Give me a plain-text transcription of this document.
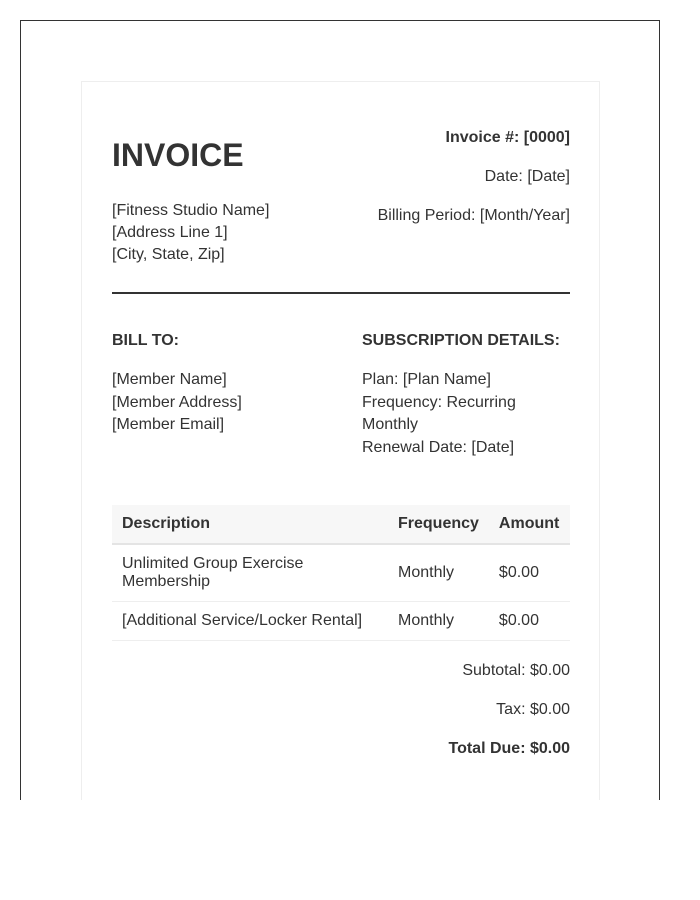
INVOICE
[Fitness Studio Name]
[Address Line 1]
[City, State, Zip]
Invoice #: [0000]
Date: [Date]
Billing Period: [Month/Year]
BILL TO:
[Member Name]
[Member Address]
[Member Email]
SUBSCRIPTION DETAILS:
Plan: [Plan Name]
Frequency: Recurring Monthly
Renewal Date: [Date]
Description	Frequency	Amount
Unlimited Group Exercise Membership	Monthly	$0.00
[Additional Service/Locker Rental]	Monthly	$0.00
Subtotal: $0.00
Tax: $0.00
Total Due: $0.00
